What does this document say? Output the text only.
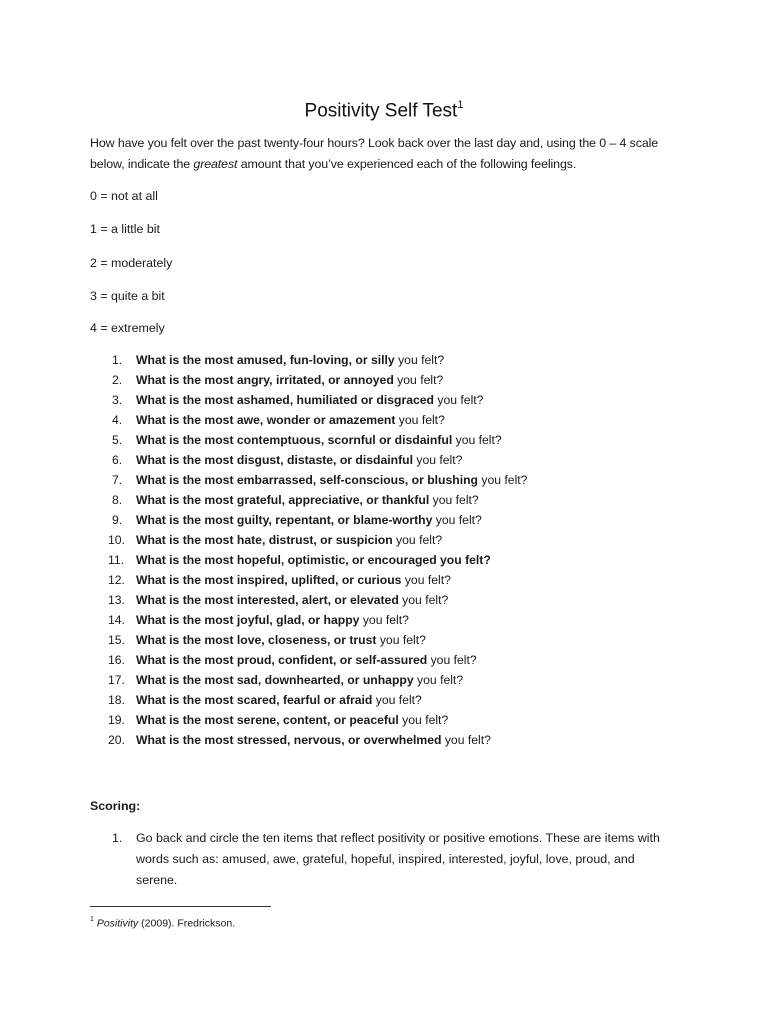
Positivity Self Test$^1$
How have you felt over the past twenty-four hours? Look back over the last day and, using the 0 – 4 scale below, indicate the greatest amount that you’ve experienced each of the following feelings.
0 = not at all
1 = a little bit
2 = moderately
3 = quite a bit
4 = extremely
1.	What is the most amused, fun-loving, or silly you felt?
2.	What is the most angry, irritated, or annoyed you felt?
3.	What is the most ashamed, humiliated or disgraced you felt?
4.	What is the most awe, wonder or amazement you felt?
5.	What is the most contemptuous, scornful or disdainful you felt?
6.	What is the most disgust, distaste, or disdainful you felt?
7.	What is the most embarrassed, self-conscious, or blushing you felt?
8.	What is the most grateful, appreciative, or thankful you felt?
9.	What is the most guilty, repentant, or blame-worthy you felt?
10. What is the most hate, distrust, or suspicion you felt?
11. What is the most hopeful, optimistic, or encouraged you felt?
12. What is the most inspired, uplifted, or curious you felt?
13. What is the most interested, alert, or elevated you felt?
14. What is the most joyful, glad, or happy you felt?
15. What is the most love, closeness, or trust you felt?
16. What is the most proud, confident, or self-assured you felt?
17. What is the most sad, downhearted, or unhappy you felt?
18. What is the most scared, fearful or afraid you felt?
19. What is the most serene, content, or peaceful you felt?
20. What is the most stressed, nervous, or overwhelmed you felt?
Scoring:
1.	Go back and circle the ten items that reflect positivity or positive emotions. These are items with words such as: amused, awe, grateful, hopeful, inspired, interested, joyful, love, proud, and serene.
$^1$ Positivity (2009). Fredrickson.
